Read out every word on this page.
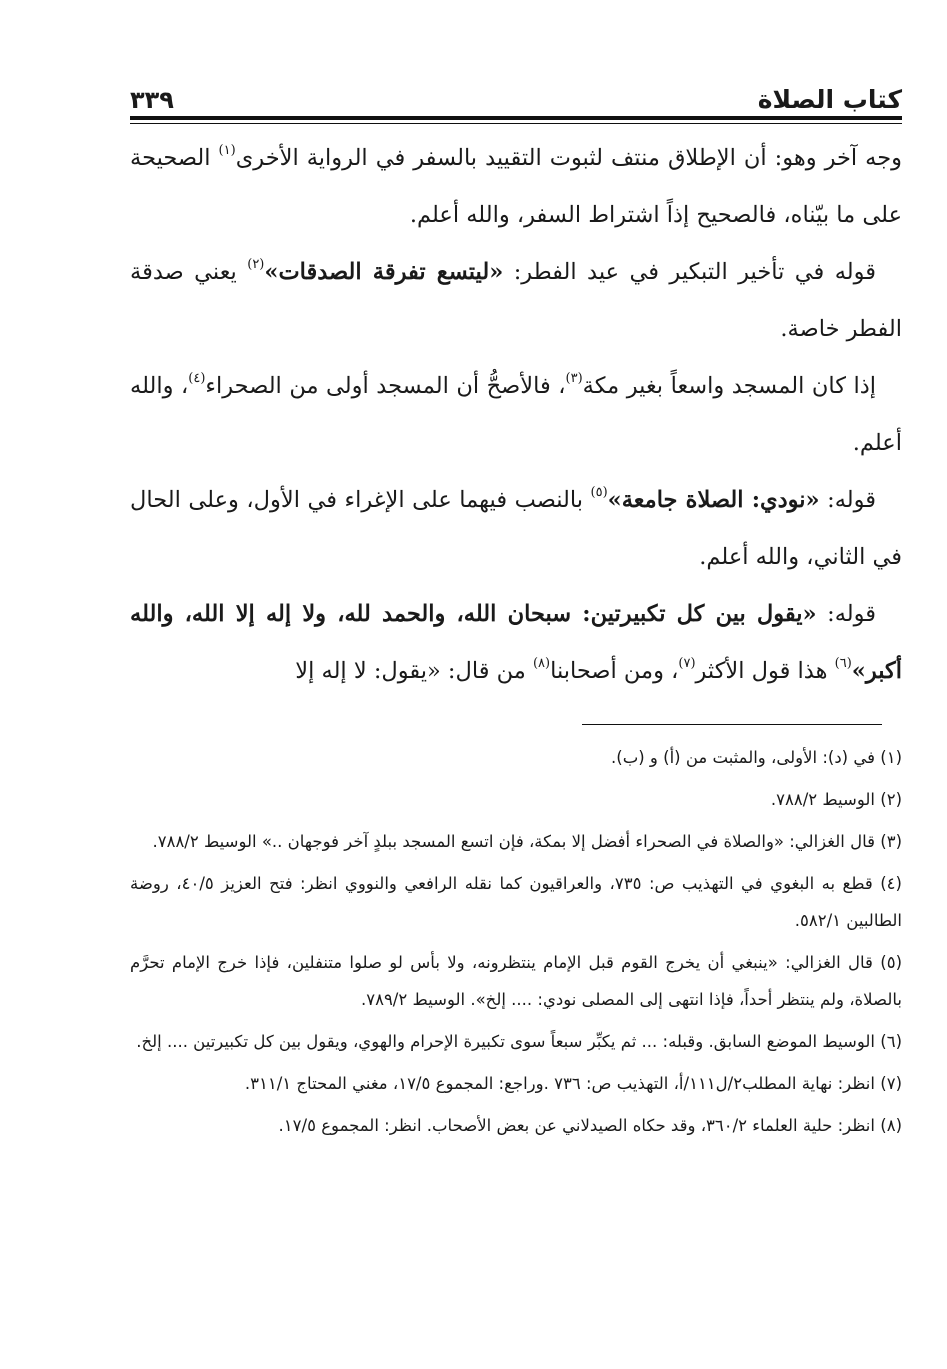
كتاب الصلاة
٣٣٩

وجه آخر وهو: أن الإطلاق منتف لثبوت التقييد بالسفر في الرواية الأخرى$^{(١)}$ الصحيحة على ما بيّناه، فالصحيح إذاً اشتراط السفر، والله أعلم.

قوله في تأخير التبكير في عيد الفطر: «ليتسع تفرقة الصدقات»$^{(٢)}$ يعني صدقة الفطر خاصة.

إذا كان المسجد واسعاً بغير مكة$^{(٣)}$، فالأصحُّ أن المسجد أولى من الصحراء$^{(٤)}$، والله أعلم.

قوله: «نودي: الصلاة جامعة»$^{(٥)}$ بالنصب فيهما على الإغراء في الأول، وعلى الحال في الثاني، والله أعلم.

قوله: «يقول بين كل تكبيرتين: سبحان الله، والحمد لله، ولا إله إلا الله، والله أكبر»$^{(٦)}$ هذا قول الأكثر$^{(٧)}$، ومن أصحابنا$^{(٨)}$ من قال: «يقول: لا إله إلا

(١) في (د): الأولى، والمثبت من (أ) و (ب).

(٢) الوسيط ٧٨٨/٢.

(٣) قال الغزالي: «والصلاة في الصحراء أفضل إلا بمكة، فإن اتسع المسجد ببلدٍ آخر فوجهان ..» الوسيط ٧٨٨/٢.

(٤) قطع به البغوي في التهذيب ص: ٧٣٥، والعراقيون كما نقله الرافعي والنووي انظر: فتح العزيز ٤٠/٥، روضة الطالبين ٥٨٢/١.

(٥) قال الغزالي: «ينبغي أن يخرج القوم قبل الإمام ينتظرونه، ولا بأس لو صلوا متنفلين، فإذا خرج الإمام تحرَّم بالصلاة، ولم ينتظر أحداً، فإذا انتهى إلى المصلى نودي: .... إلخ». الوسيط ٧٨٩/٢.

(٦) الوسيط الموضع السابق. وقبله: ... ثم يكبِّر سبعاً سوى تكبيرة الإحرام والهوي، ويقول بين كل تكبيرتين .... إلخ.

(٧) انظر: نهاية المطلب٢/ل١١١/أ، التهذيب ص: ٧٣٦ .وراجع: المجموع ١٧/٥، مغني المحتاج ٣١١/١.

(٨) انظر: حلية العلماء ٣٦٠/٢، وقد حكاه الصيدلاني عن بعض الأصحاب. انظر: المجموع ١٧/٥.
